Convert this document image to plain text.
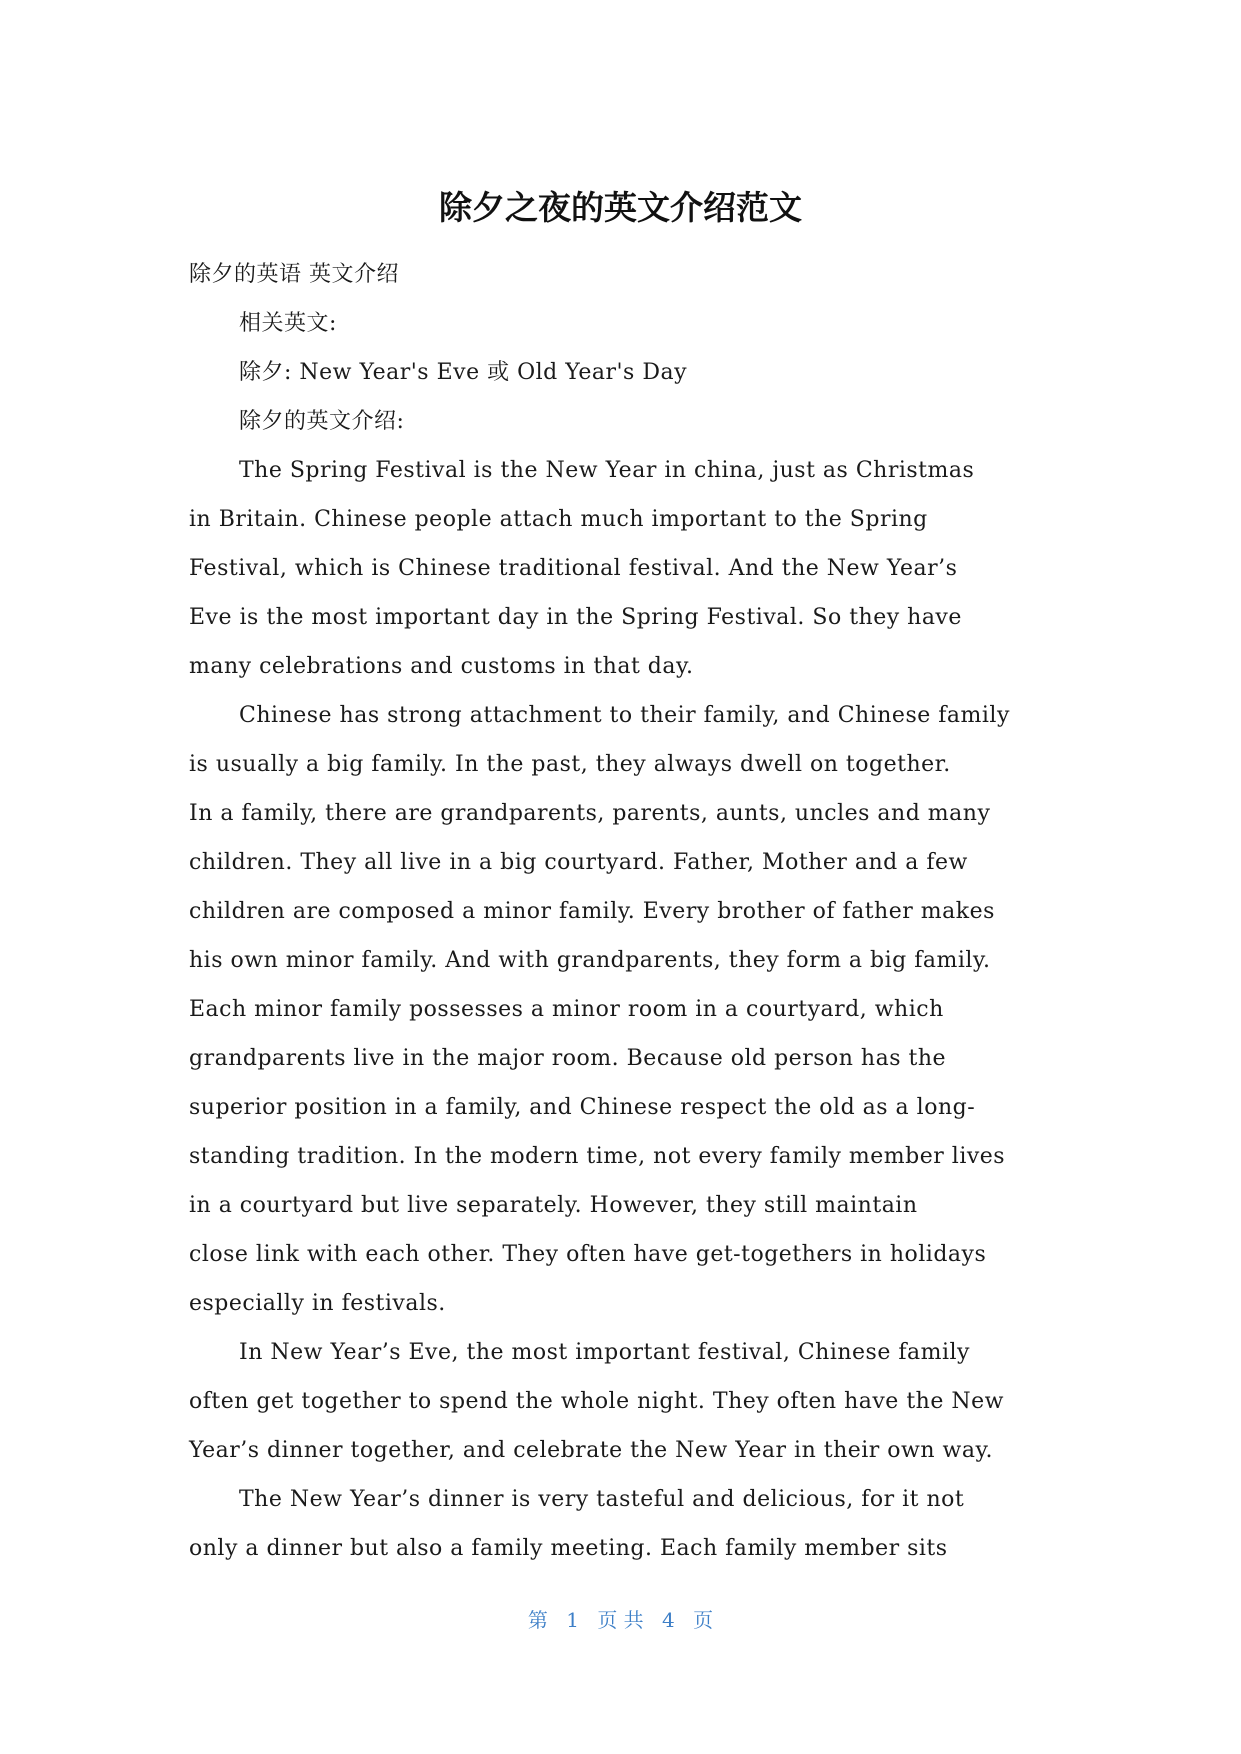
除夕之夜的英文介绍范文
除夕的英语 英文介绍
相关英文:
除夕: New Year's Eve 或 Old Year's Day
除夕的英文介绍:
The Spring Festival is the New Year in china, just as Christmas
in Britain. Chinese people attach much important to the Spring
Festival, which is Chinese traditional festival. And the New Year’s
Eve is the most important day in the Spring Festival. So they have
many celebrations and customs in that day.
Chinese has strong attachment to their family, and Chinese family
is usually a big family. In the past, they always dwell on together.
In a family, there are grandparents, parents, aunts, uncles and many
children. They all live in a big courtyard. Father, Mother and a few
children are composed a minor family. Every brother of father makes
his own minor family. And with grandparents, they form a big family.
Each minor family possesses a minor room in a courtyard, which
grandparents live in the major room. Because old person has the
superior position in a family, and Chinese respect the old as a long-
standing tradition. In the modern time, not every family member lives
in a courtyard but live separately. However, they still maintain
close link with each other. They often have get-togethers in holidays
especially in festivals.
In New Year’s Eve, the most important festival, Chinese family
often get together to spend the whole night. They often have the New
Year’s dinner together, and celebrate the New Year in their own way.
The New Year’s dinner is very tasteful and delicious, for it not
only a dinner but also a family meeting. Each family member sits
第 1 页 共 4 页
